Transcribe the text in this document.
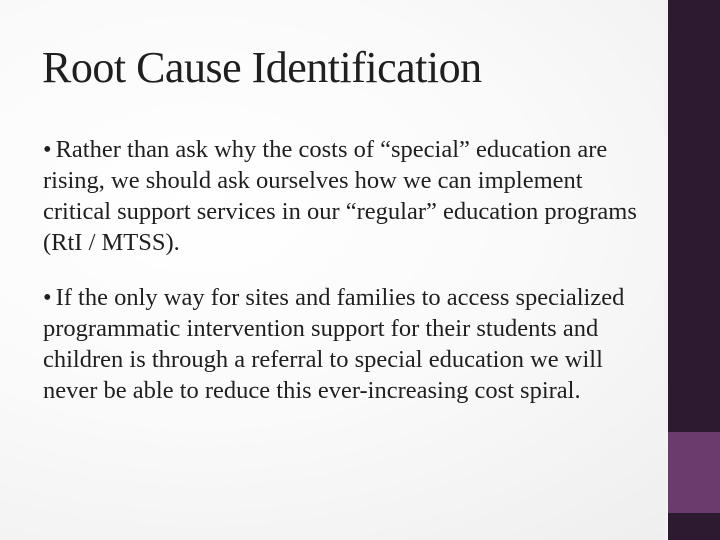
Root Cause Identification

• Rather than ask why the costs of “special” education are rising, we should ask ourselves how we can implement critical support services in our “regular” education programs (RtI / MTSS).

• If the only way for sites and families to access specialized programmatic intervention support for their students and children is through a referral to special education we will never be able to reduce this ever-increasing cost spiral.
